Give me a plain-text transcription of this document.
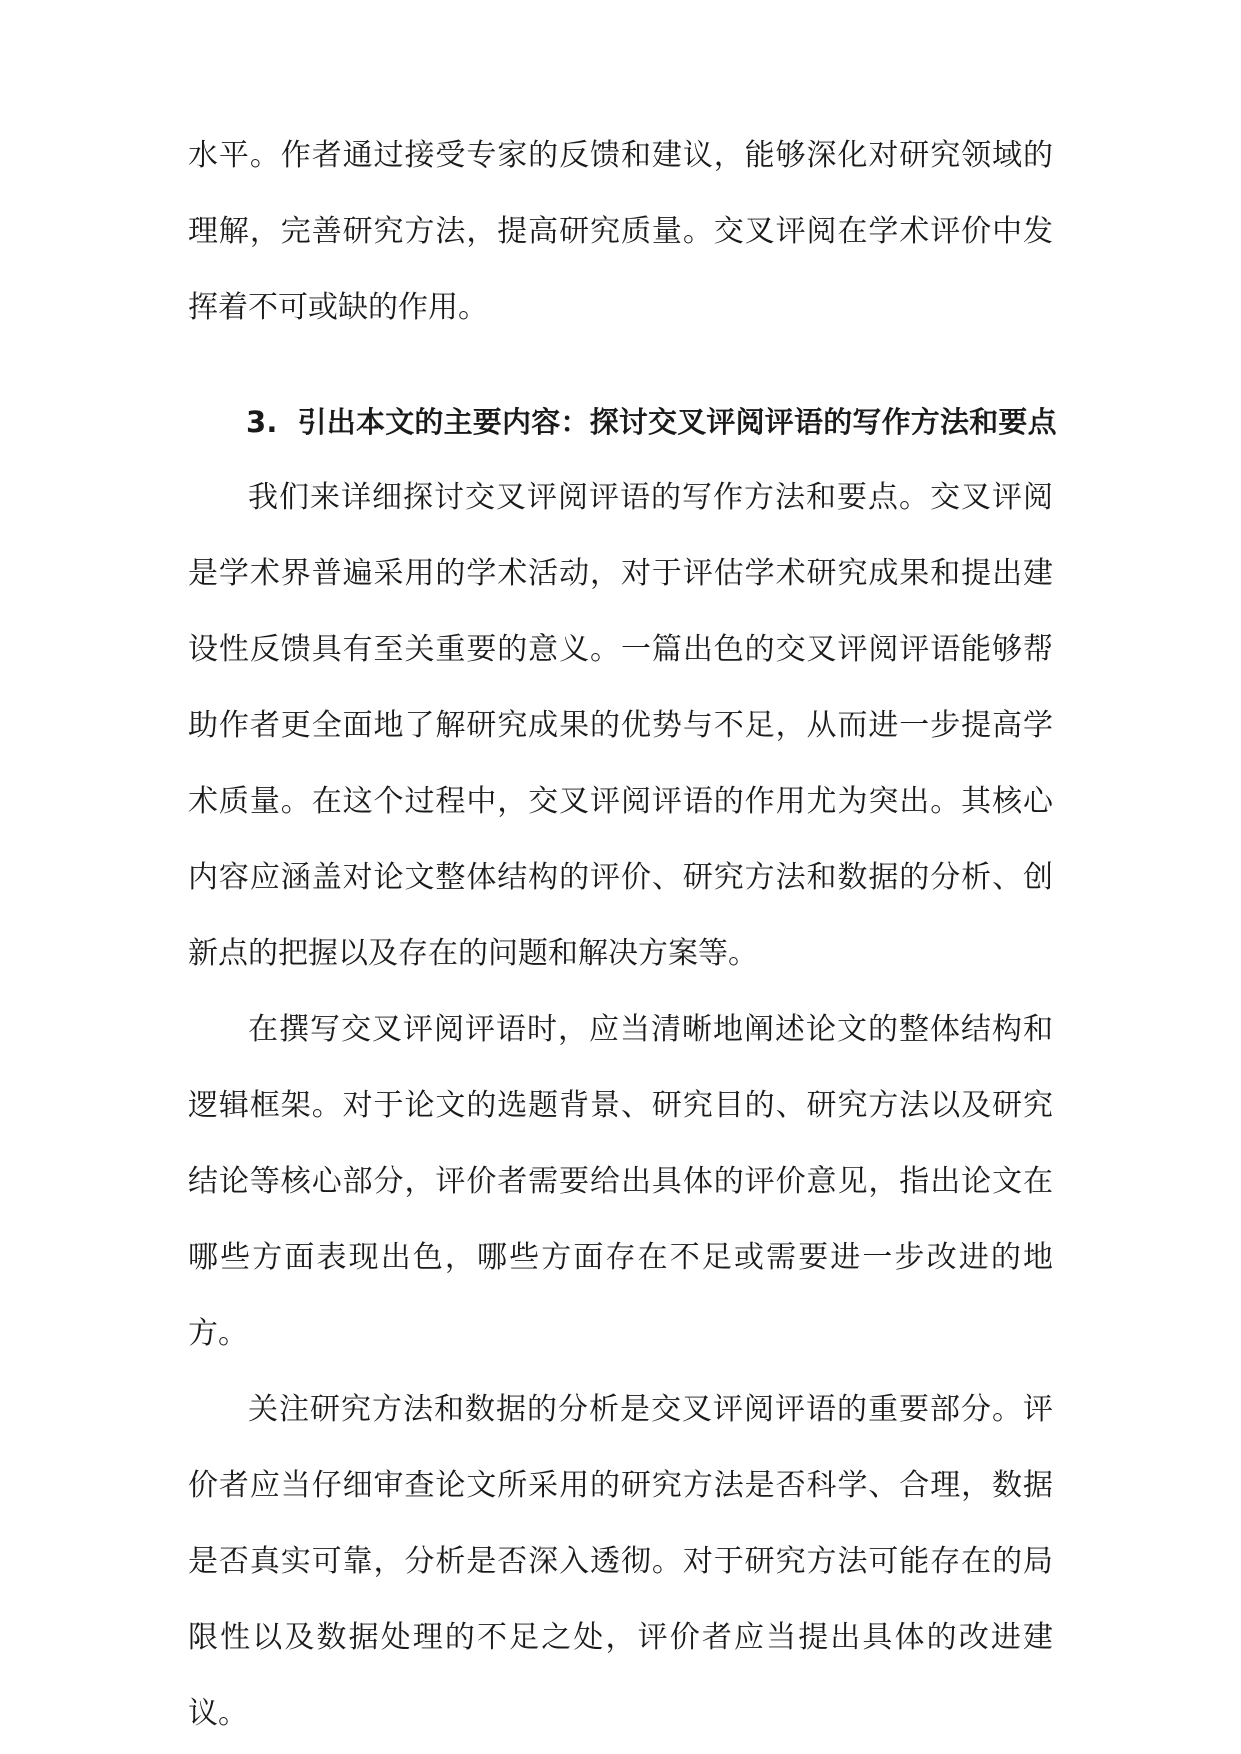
水平。作者通过接受专家的反馈和建议，能够深化对研究领域的理解，完善研究方法，提高研究质量。交叉评阅在学术评价中发挥着不可或缺的作用。

3. 引出本文的主要内容：探讨交叉评阅评语的写作方法和要点

我们来详细探讨交叉评阅评语的写作方法和要点。交叉评阅是学术界普遍采用的学术活动，对于评估学术研究成果和提出建设性反馈具有至关重要的意义。一篇出色的交叉评阅评语能够帮助作者更全面地了解研究成果的优势与不足，从而进一步提高学术质量。在这个过程中，交叉评阅评语的作用尤为突出。其核心内容应涵盖对论文整体结构的评价、研究方法和数据的分析、创新点的把握以及存在的问题和解决方案等。

在撰写交叉评阅评语时，应当清晰地阐述论文的整体结构和逻辑框架。对于论文的选题背景、研究目的、研究方法以及研究结论等核心部分，评价者需要给出具体的评价意见，指出论文在哪些方面表现出色，哪些方面存在不足或需要进一步改进的地方。

关注研究方法和数据的分析是交叉评阅评语的重要部分。评价者应当仔细审查论文所采用的研究方法是否科学、合理，数据是否真实可靠，分析是否深入透彻。对于研究方法可能存在的局限性以及数据处理的不足之处，评价者应当提出具体的改进建议。
